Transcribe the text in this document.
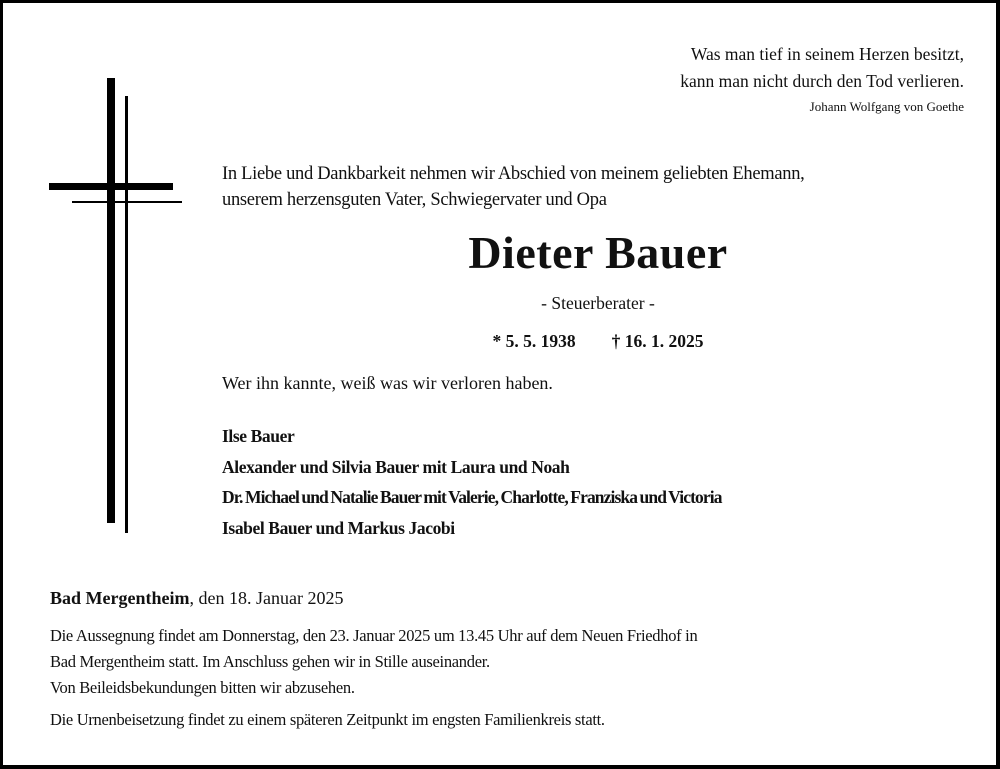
Was man tief in seinem Herzen besitzt,
kann man nicht durch den Tod verlieren.
Johann Wolfgang von Goethe
In Liebe und Dankbarkeit nehmen wir Abschied von meinem geliebten Ehemann,
unserem herzensguten Vater, Schwiegervater und Opa
Dieter Bauer
- Steuerberater -
* 5. 5. 1938 † 16. 1. 2025
Wer ihn kannte, weiß was wir verloren haben.
Ilse Bauer
Alexander und Silvia Bauer mit Laura und Noah
Dr. Michael und Natalie Bauer mit Valerie, Charlotte, Franziska und Victoria
Isabel Bauer und Markus Jacobi
Bad Mergentheim, den 18. Januar 2025
Die Aussegnung findet am Donnerstag, den 23. Januar 2025 um 13.45 Uhr auf dem Neuen Friedhof in
Bad Mergentheim statt. Im Anschluss gehen wir in Stille auseinander.
Von Beileidsbekundungen bitten wir abzusehen.
Die Urnenbeisetzung findet zu einem späteren Zeitpunkt im engsten Familienkreis statt.
